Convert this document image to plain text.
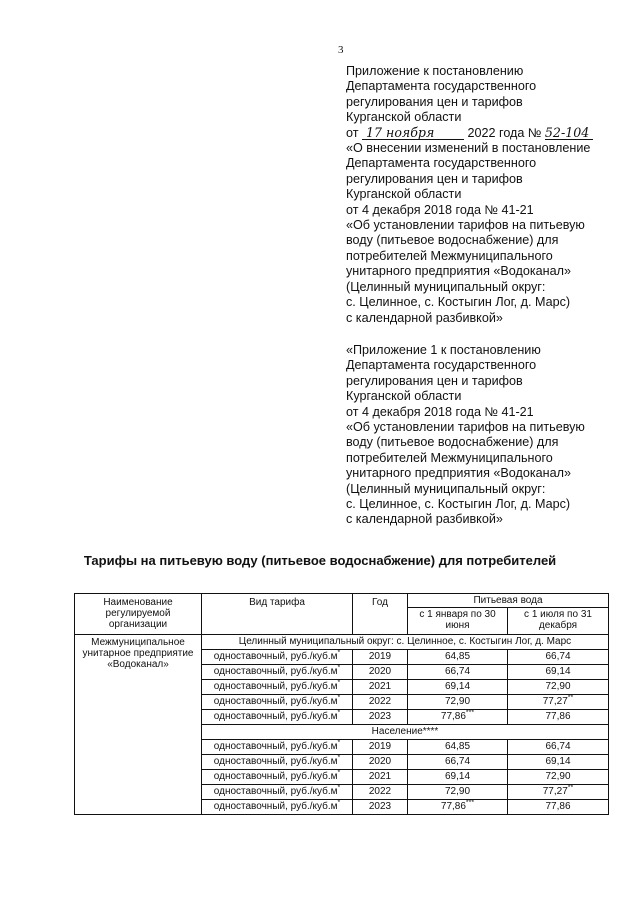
3
Приложение к постановлению
Департамента государственного
регулирования цен и тарифов
Курганской области
от 17 ноября	2022 года № 52-104
«О внесении изменений в постановление
Департамента государственного
регулирования цен и тарифов
Курганской области
от 4 декабря 2018 года № 41-21
«Об установлении тарифов на питьевую
воду (питьевое водоснабжение) для
потребителей Межмуниципального
унитарного предприятия «Водоканал»
(Целинный муниципальный округ:
с. Целинное, с. Костыгин Лог, д. Марс)
с календарной разбивкой»
«Приложение 1 к постановлению
Департамента государственного
регулирования цен и тарифов
Курганской области
от 4 декабря 2018 года № 41-21
«Об установлении тарифов на питьевую
воду (питьевое водоснабжение) для
потребителей Межмуниципального
унитарного предприятия «Водоканал»
(Целинный муниципальный округ:
с. Целинное, с. Костыгин Лог, д. Марс)
с календарной разбивкой»
Тарифы на питьевую воду (питьевое водоснабжение) для потребителей
Наименование регулируемой организации	Вид тарифа	Год	Питьевая вода	
			с 1 января по 30 июня	с 1 июля по 31 декабря
Межмуниципальное унитарное предприятие «Водоканал»	Целинный муниципальный округ: с. Целинное, с. Костыгин Лог, д. Марс			
	одноставочный, руб./куб.м*	2019	64,85	66,74
	одноставочный, руб./куб.м*	2020	66,74	69,14
	одноставочный, руб./куб.м*	2021	69,14	72,90
	одноставочный, руб./куб.м*	2022	72,90	77,27**
	одноставочный, руб./куб.м*	2023	77,86***	77,86
	Население****			
	одноставочный, руб./куб.м*	2019	64,85	66,74
	одноставочный, руб./куб.м*	2020	66,74	69,14
	одноставочный, руб./куб.м*	2021	69,14	72,90
	одноставочный, руб./куб.м*	2022	72,90	77,27**
	одноставочный, руб./куб.м*	2023	77,86***	77,86
